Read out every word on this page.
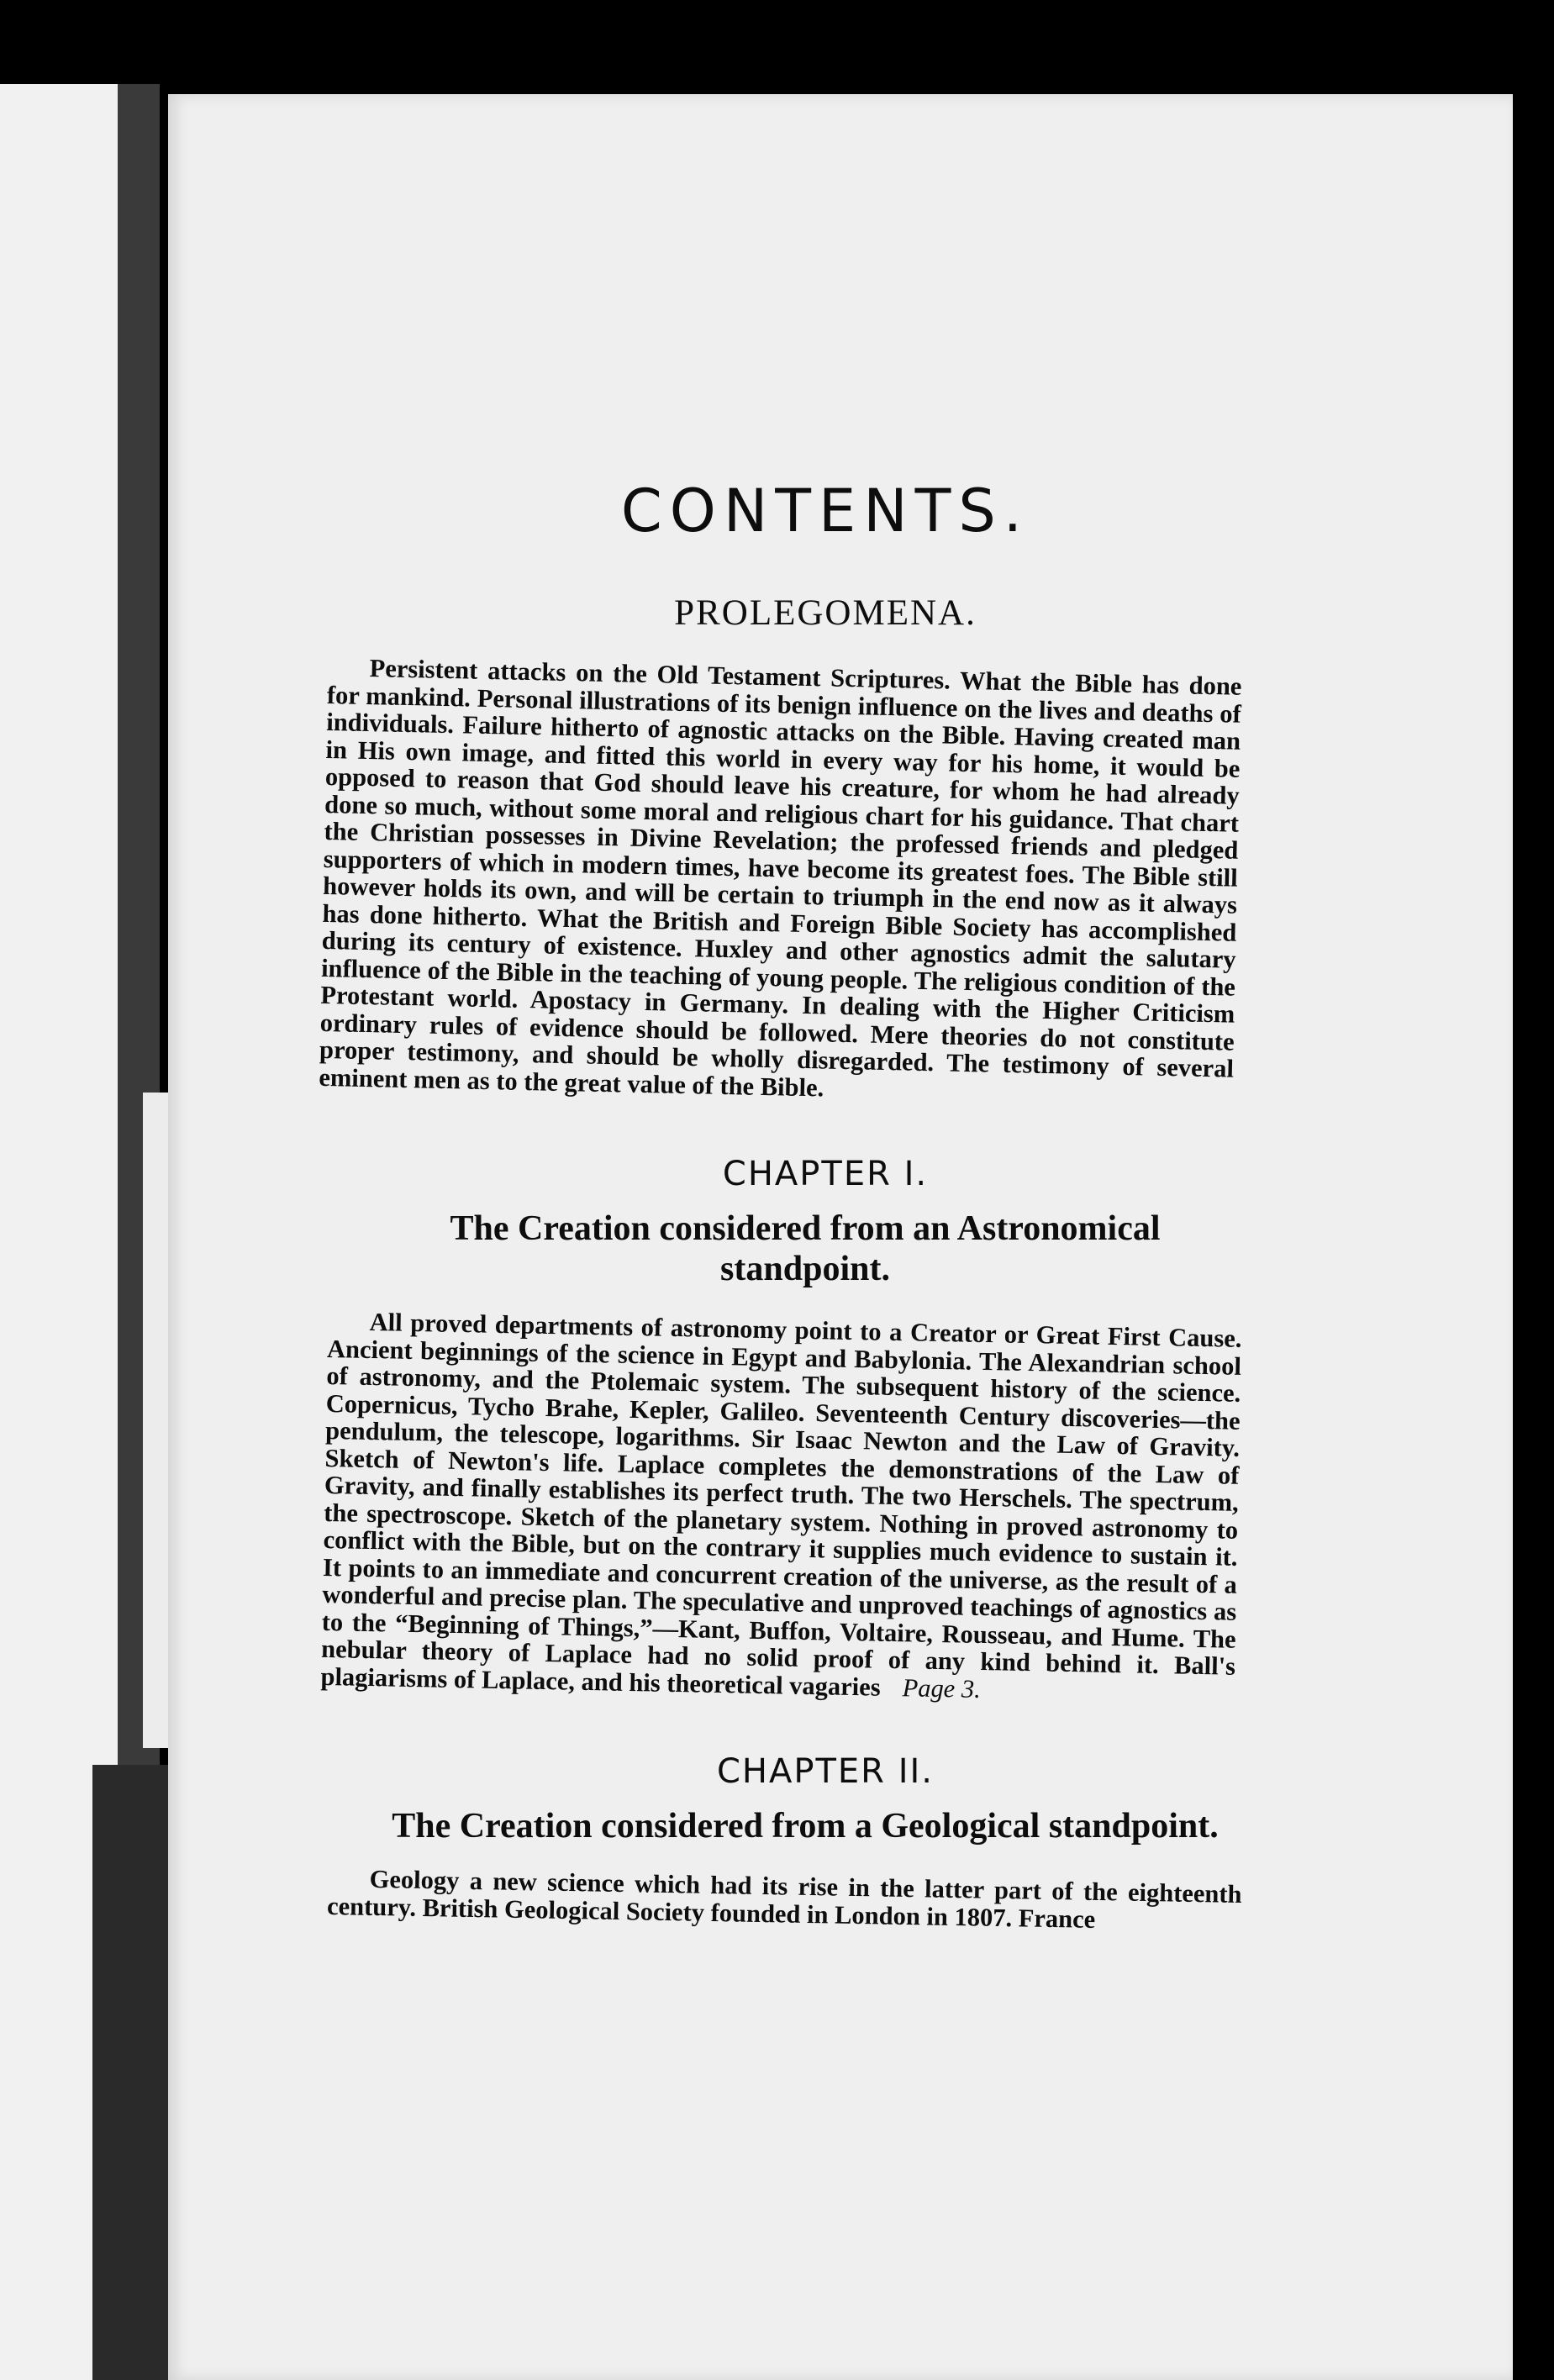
CONTENTS.
PROLEGOMENA.

Persistent attacks on the Old Testament Scriptures. What the Bible has done for mankind. Personal illustrations of its benign influence on the lives and deaths of individuals. Failure hitherto of agnostic attacks on the Bible. Having created man in His own image, and fitted this world in every way for his home, it would be opposed to reason that God should leave his creature, for whom he had already done so much, without some moral and religious chart for his guidance. That chart the Christian possesses in Divine Revelation; the professed friends and pledged supporters of which in modern times, have become its greatest foes. The Bible still however holds its own, and will be certain to triumph in the end now as it always has done hitherto. What the British and Foreign Bible Society has accomplished during its century of existence. Huxley and other agnostics admit the salutary influence of the Bible in the teaching of young people. The religious condition of the Protestant world. Apostacy in Germany. In dealing with the Higher Criticism ordinary rules of evidence should be followed. Mere theories do not constitute proper testimony, and should be wholly disregarded. The testimony of several eminent men as to the great value of the Bible.

CHAPTER I.
The Creation considered from an Astronomical standpoint.

All proved departments of astronomy point to a Creator or Great First Cause. Ancient beginnings of the science in Egypt and Babylonia. The Alexandrian school of astronomy, and the Ptolemaic system. The subsequent history of the science. Copernicus, Tycho Brahe, Kepler, Galileo. Seventeenth Century discoveries—the pendulum, the telescope, logarithms. Sir Isaac Newton and the Law of Gravity. Sketch of Newton's life. Laplace completes the demonstrations of the Law of Gravity, and finally establishes its perfect truth. The two Herschels. The spectrum, the spectroscope. Sketch of the planetary system. Nothing in proved astronomy to conflict with the Bible, but on the contrary it supplies much evidence to sustain it. It points to an immediate and concurrent creation of the universe, as the result of a wonderful and precise plan. The speculative and unproved teachings of agnostics as to the “Beginning of Things,”—Kant, Buffon, Voltaire, Rousseau, and Hume. The nebular theory of Laplace had no solid proof of any kind behind it. Ball's plagiarisms of Laplace, and his theoretical vagaries Page 3.

CHAPTER II.
The Creation considered from a Geological standpoint.

Geology a new science which had its rise in the latter part of the eighteenth century. British Geological Society founded in London in 1807. France
